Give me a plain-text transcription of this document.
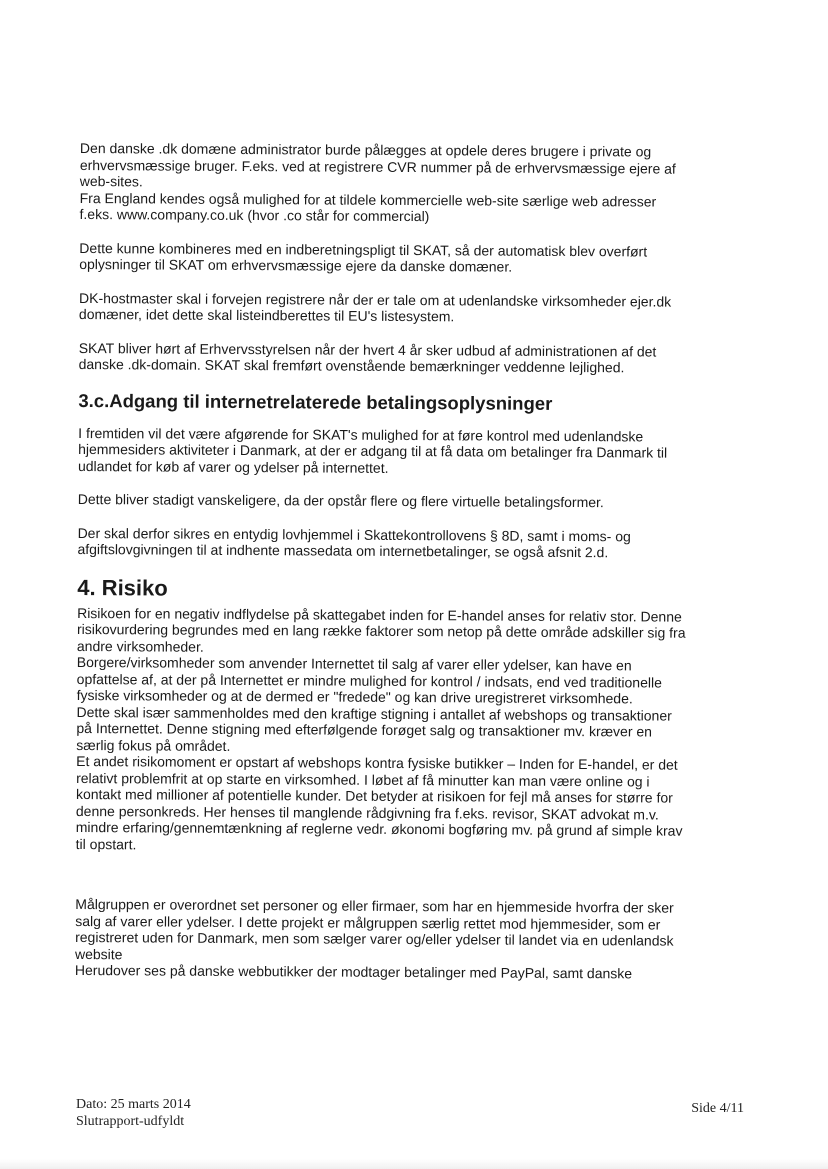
Den danske .dk domæne administrator burde pålægges at opdele deres brugere i private og
erhvervsmæssige bruger. F.eks. ved at registrere CVR nummer på de erhvervsmæssige ejere af
web-sites.
Fra England kendes også mulighed for at tildele kommercielle web-site særlige web adresser
f.eks. www.company.co.uk (hvor .co står for commercial)

Dette kunne kombineres med en indberetningspligt til SKAT, så der automatisk blev overført
oplysninger til SKAT om erhvervsmæssige ejere da danske domæner.

DK-hostmaster skal i forvejen registrere når der er tale om at udenlandske virksomheder ejer.dk
domæner, idet dette skal listeindberettes til EU's listesystem.

SKAT bliver hørt af Erhvervsstyrelsen når der hvert 4 år sker udbud af administrationen af det
danske .dk-domain. SKAT skal fremført ovenstående bemærkninger veddenne lejlighed.

3.c.Adgang til internetrelaterede betalingsoplysninger

I fremtiden vil det være afgørende for SKAT's mulighed for at føre kontrol med udenlandske
hjemmesiders aktiviteter i Danmark, at der er adgang til at få data om betalinger fra Danmark til
udlandet for køb af varer og ydelser på internettet.

Dette bliver stadigt vanskeligere, da der opstår flere og flere virtuelle betalingsformer.

Der skal derfor sikres en entydig lovhjemmel i Skattekontrollovens § 8D, samt i moms- og
afgiftslovgivningen til at indhente massedata om internetbetalinger, se også afsnit 2.d.

4. Risiko

Risikoen for en negativ indflydelse på skattegabet inden for E-handel anses for relativ stor. Denne
risikovurdering begrundes med en lang række faktorer som netop på dette område adskiller sig fra
andre virksomheder.
Borgere/virksomheder som anvender Internettet til salg af varer eller ydelser, kan have en
opfattelse af, at der på Internettet er mindre mulighed for kontrol / indsats, end ved traditionelle
fysiske virksomheder og at de dermed er "fredede" og kan drive uregistreret virksomhede.
Dette skal især sammenholdes med den kraftige stigning i antallet af webshops og transaktioner
på Internettet. Denne stigning med efterfølgende forøget salg og transaktioner mv. kræver en
særlig fokus på området.
Et andet risikomoment er opstart af webshops kontra fysiske butikker – Inden for E-handel, er det
relativt problemfrit at op starte en virksomhed. I løbet af få minutter kan man være online og i
kontakt med millioner af potentielle kunder. Det betyder at risikoen for fejl må anses for større for
denne personkreds. Her henses til manglende rådgivning fra f.eks. revisor, SKAT advokat m.v.
mindre erfaring/gennemtænkning af reglerne vedr. økonomi bogføring mv. på grund af simple krav
til opstart.

Målgruppen er overordnet set personer og eller firmaer, som har en hjemmeside hvorfra der sker
salg af varer eller ydelser. I dette projekt er målgruppen særlig rettet mod hjemmesider, som er
registreret uden for Danmark, men som sælger varer og/eller ydelser til landet via en udenlandsk
website
Herudover ses på danske webbutikker der modtager betalinger med PayPal, samt danske

Dato: 25 marts 2014
Slutrapport-udfyldt
Side 4/11
